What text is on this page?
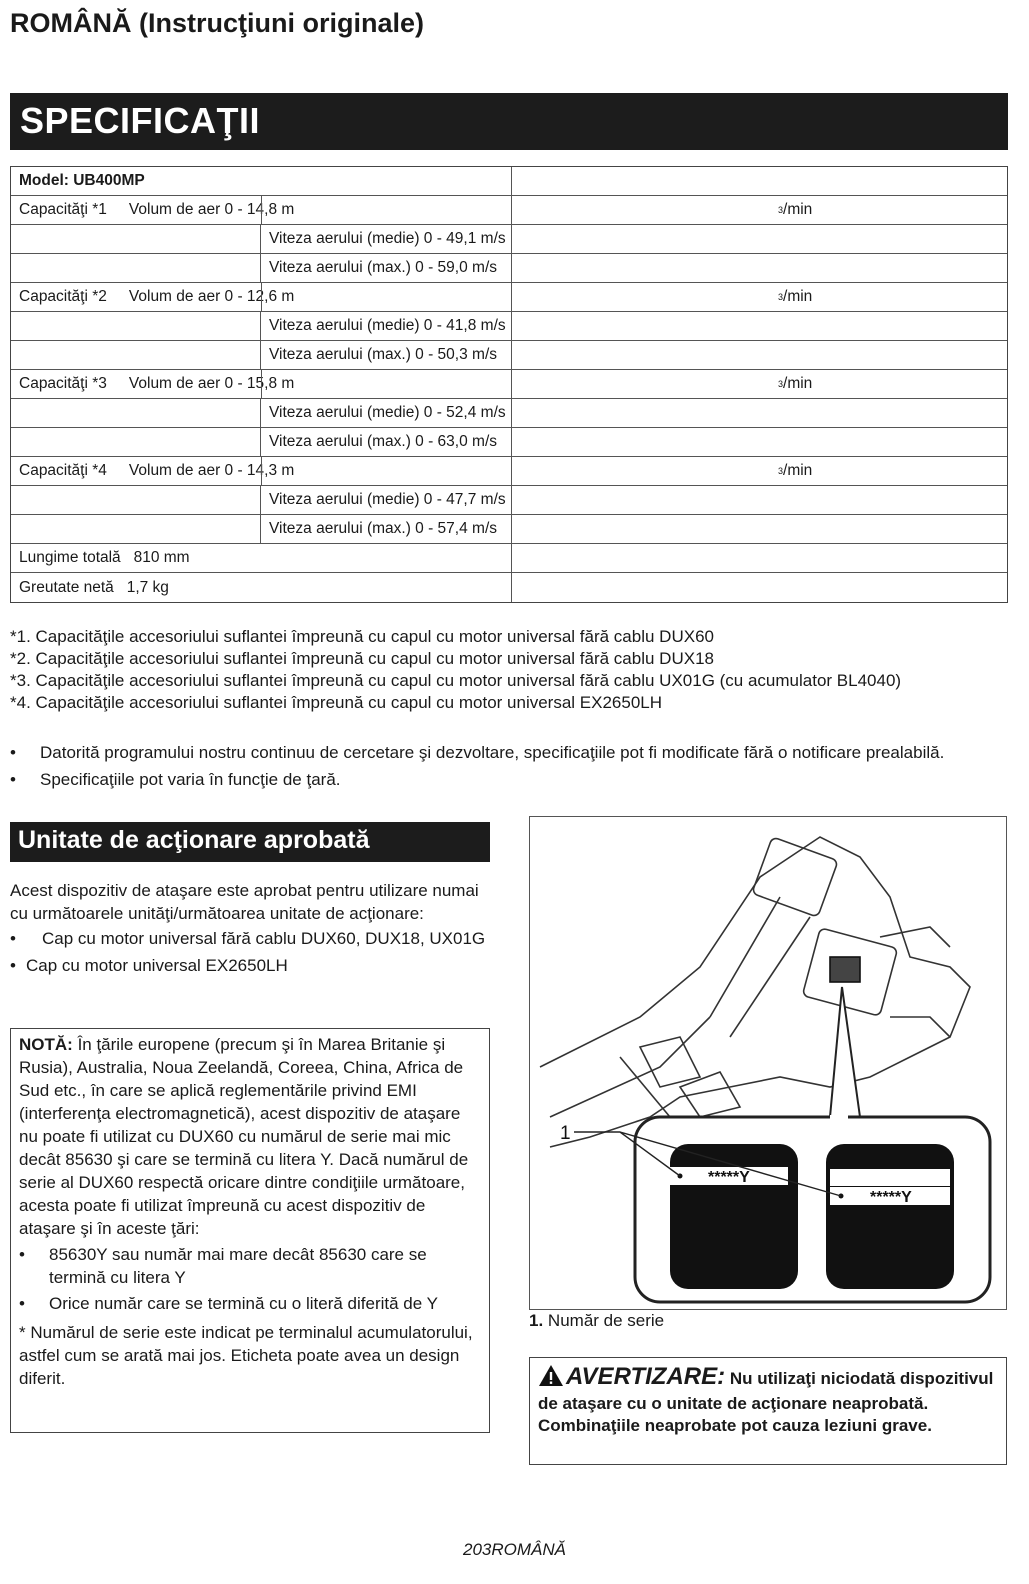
ROMÂNĂ (Instrucţiuni originale)
SPECIFICAŢII
Model: UB400MP
Capacităţi *1 Volum de aer 0 - 14,8 m	3 /min
Viteza aerului (medie) 0 - 49,1 m/s
Viteza aerului (max.) 0 - 59,0 m/s
Capacităţi *2 Volum de aer 0 - 12,6 m	3 /min
Viteza aerului (medie) 0 - 41,8 m/s
Viteza aerului (max.) 0 - 50,3 m/s
Capacităţi *3 Volum de aer 0 - 15,8 m	3 /min
Viteza aerului (medie) 0 - 52,4 m/s
Viteza aerului (max.) 0 - 63,0 m/s
Capacităţi *4 Volum de aer 0 - 14,3 m	3 /min
Viteza aerului (medie) 0 - 47,7 m/s
Viteza aerului (max.) 0 - 57,4 m/s
Lungime totală   810 mm
Greutate netă   1,7 kg
*1. Capacităţile accesoriului suflantei împreună cu capul cu motor universal fără cablu DUX60
*2. Capacităţile accesoriului suflantei împreună cu capul cu motor universal fără cablu DUX18
*3. Capacităţile accesoriului suflantei împreună cu capul cu motor universal fără cablu UX01G (cu acumulator BL4040)
*4. Capacităţile accesoriului suflantei împreună cu capul cu motor universal EX2650LH
•	Datorită programului nostru continuu de cercetare şi dezvoltare, specificaţiile pot fi modificate fără o notificare prealabilă.
•	Specificaţiile pot varia în funcţie de ţară.
Unitate de acţionare aprobată
Acest dispozitiv de ataşare este aprobat pentru utilizare numai cu următoarele unităţi/următoarea unitate de acţionare:
•	Cap cu motor universal fără cablu DUX60, DUX18, UX01G
• Cap cu motor universal EX2650LH
NOTĂ: În ţările europene (precum şi în Marea Britanie şi Rusia), Australia, Noua Zeelandă, Coreea, China, Africa de Sud etc., în care se aplică reglementările privind EMI (interferenţa electromagnetică), acest dispozitiv de ataşare nu poate fi utilizat cu DUX60 cu numărul de serie mai mic decât 85630 şi care se termină cu litera Y. Dacă numărul de serie al DUX60 respectă oricare dintre condiţiile următoare, acesta poate fi utilizat împreună cu acest dispozitiv de ataşare şi în aceste ţări:
•	85630Y sau număr mai mare decât 85630 care se termină cu litera Y
•	Orice număr care se termină cu o literă diferită de Y
* Numărul de serie este indicat pe terminalul acumulatorului, astfel cum se arată mai jos. Eticheta poate avea un design diferit.
*****Y
*****Y
1
1. Număr de serie
AVERTIZARE: Nu utilizaţi niciodată dispozitivul de ataşare cu o unitate de acţionare neaprobată. Combinaţiile neaprobate pot cauza leziuni grave.
203ROMÂNĂ
